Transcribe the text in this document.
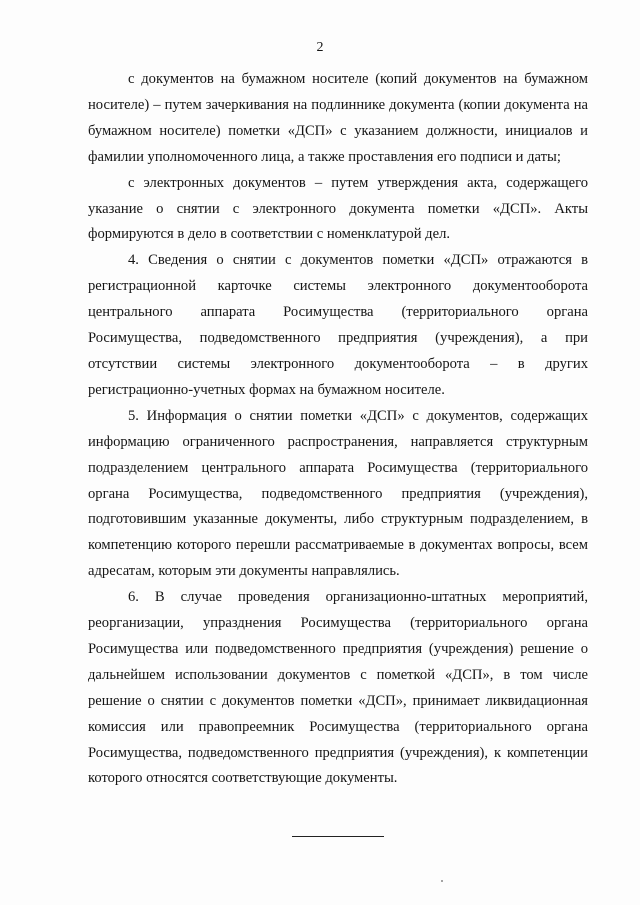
2

с документов на бумажном носителе (копий документов на бумажном носителе) – путем зачеркивания на подлиннике документа (копии документа на бумажном носителе) пометки «ДСП» с указанием должности, инициалов и фамилии уполномоченного лица, а также проставления его подписи и даты;

с электронных документов – путем утверждения акта, содержащего указание о снятии с электронного документа пометки «ДСП». Акты формируются в дело в соответствии с номенклатурой дел.

4. Сведения о снятии с документов пометки «ДСП» отражаются в регистрационной карточке системы электронного документооборота центрального аппарата Росимущества (территориального органа Росимущества, подведомственного предприятия (учреждения), а при отсутствии системы электронного документооборота – в других регистрационно-учетных формах на бумажном носителе.

5. Информация о снятии пометки «ДСП» с документов, содержащих информацию ограниченного распространения, направляется структурным подразделением центрального аппарата Росимущества (территориального органа Росимущества, подведомственного предприятия (учреждения), подготовившим указанные документы, либо структурным подразделением, в компетенцию которого перешли рассматриваемые в документах вопросы, всем адресатам, которым эти документы направлялись.

6. В случае проведения организационно-штатных мероприятий, реорганизации, упразднения Росимущества (территориального органа Росимущества или подведомственного предприятия (учреждения) решение о дальнейшем использовании документов с пометкой «ДСП», в том числе решение о снятии с документов пометки «ДСП», принимает ликвидационная комиссия или правопреемник Росимущества (территориального органа Росимущества, подведомственного предприятия (учреждения), к компетенции которого относятся соответствующие документы.
